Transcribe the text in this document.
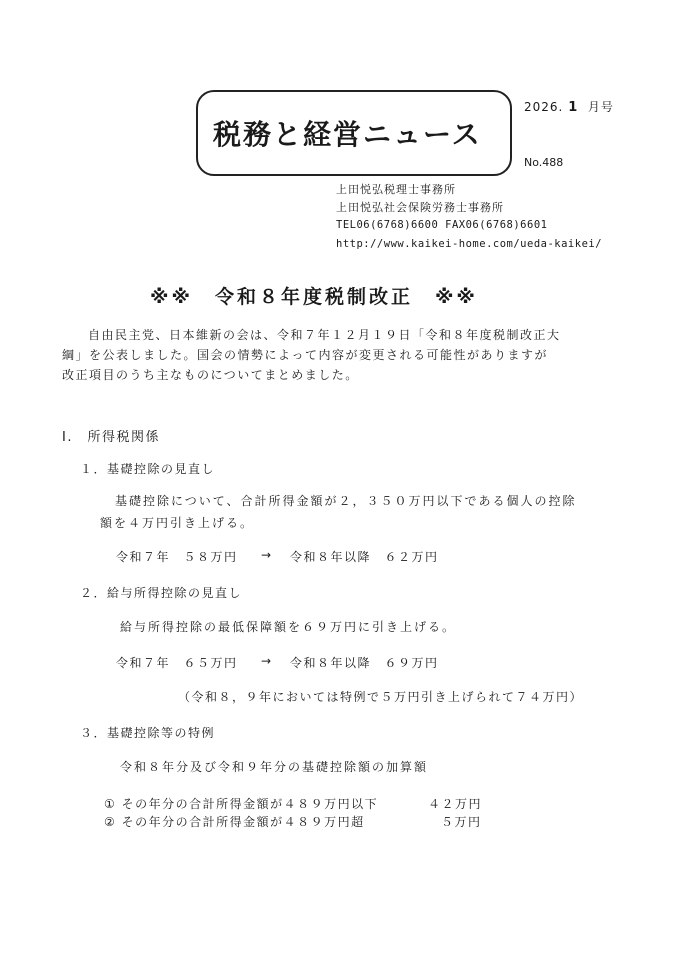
税務と経営ニュース
2026. 1 月号
No.488
上田悦弘税理士事務所
上田悦弘社会保険労務士事務所
TEL06(6768)6600 FAX06(6768)6601
http://www.kaikei-home.com/ueda-kaikei/
※※　令和８年度税制改正　※※
自由民主党、日本維新の会は、令和７年１２月１９日「令和８年度税制改正大
綱」を公表しました。国会の情勢によって内容が変更される可能性がありますが
改正項目のうち主なものについてまとめました。
Ⅰ.　所得税関係
１．基礎控除の見直し
基礎控除について、合計所得金額が２，３５０万円以下である個人の控除
額を４万円引き上げる。
令和７年　５８万円 → 令和８年以降　６２万円
２．給与所得控除の見直し
給与所得控除の最低保障額を６９万円に引き上げる。
令和７年　６５万円 → 令和８年以降　６９万円
（令和８，９年においては特例で５万円引き上げられて７４万円）
３．基礎控除等の特例
令和８年分及び令和９年分の基礎控除額の加算額
① その年分の合計所得金額が４８９万円以下	４２万円
② その年分の合計所得金額が４８９万円超	５万円
